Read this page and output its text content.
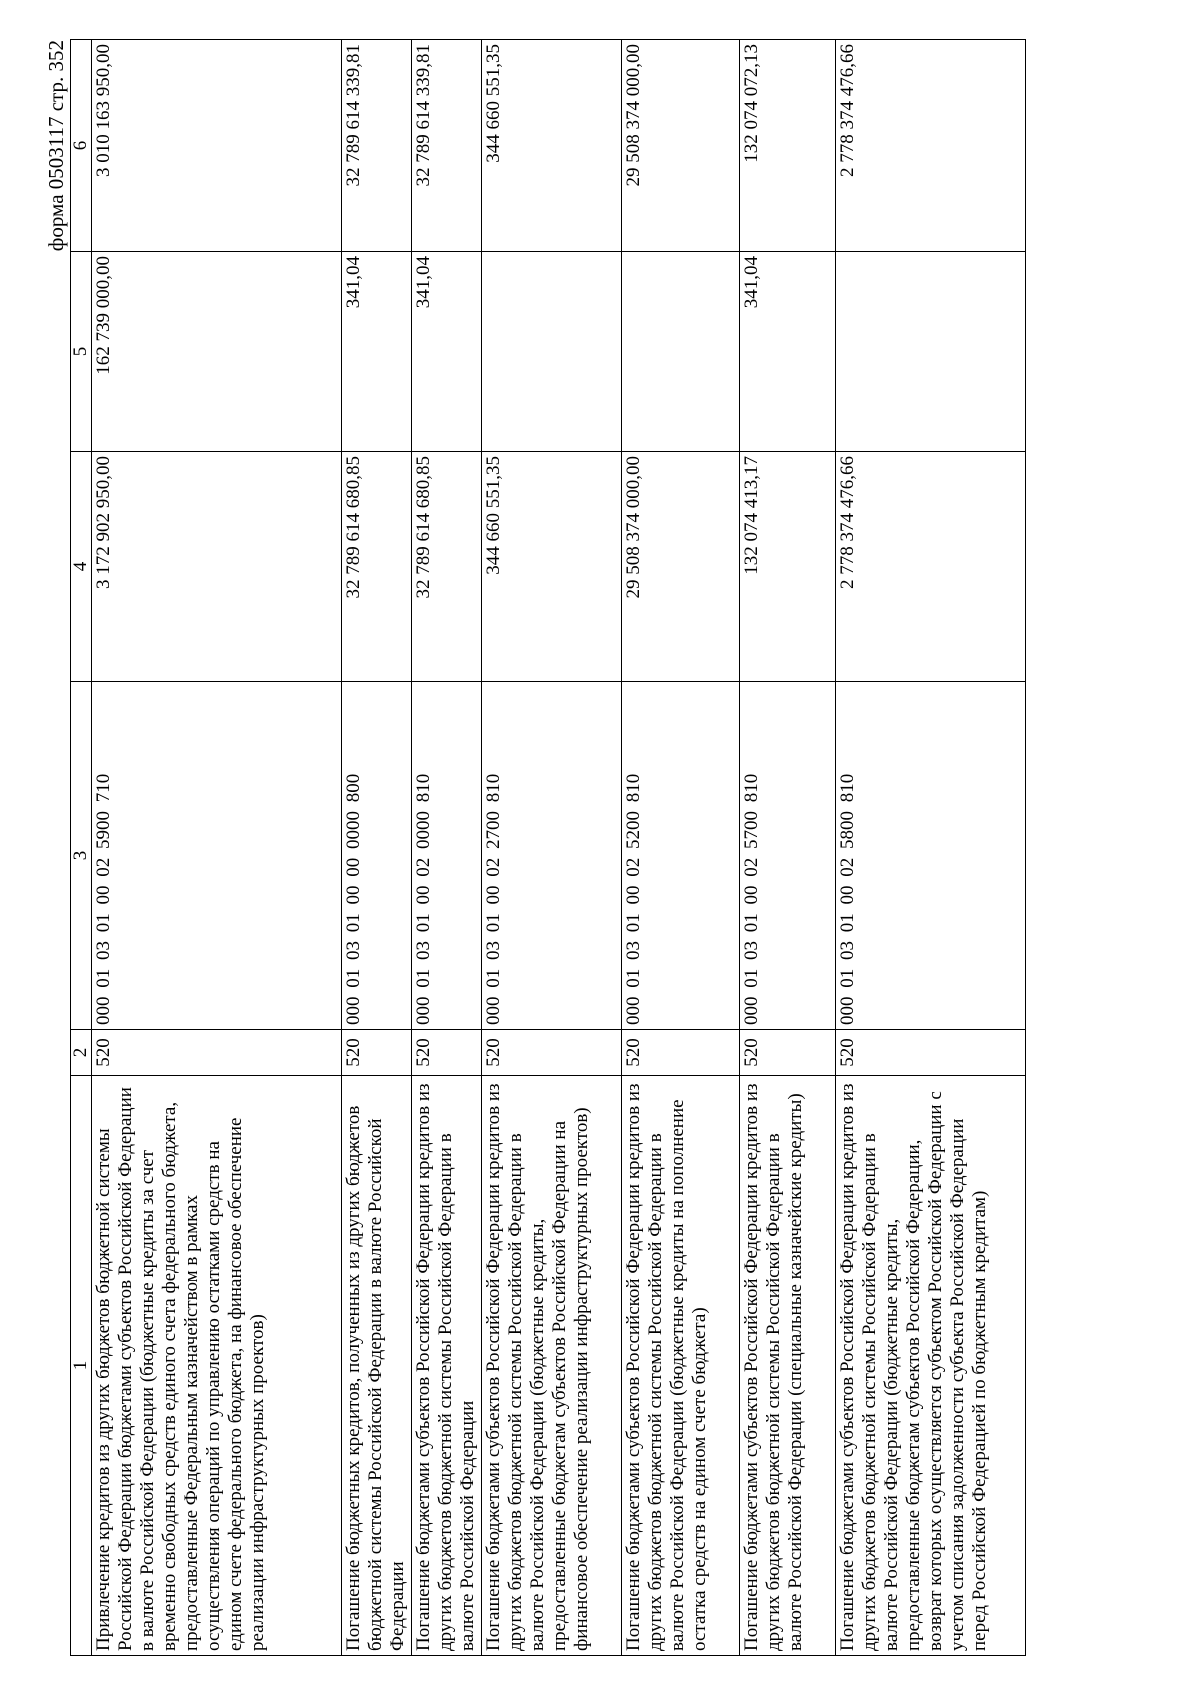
форма 0503117 стр. 352
1	2	3	4	5	6
Привлечение кредитов из других бюджетов бюджетной системы Российской Федерации бюджетами субъектов Российской Федерации в валюте Российской Федерации (бюджетные кредиты за счет временно свободных средств единого счета федерального бюджета, предоставленные Федеральным казначейством в рамках осуществления операций по управлению остатками средств на едином счете федерального бюджета, на финансовое обеспечение реализации инфраструктурных проектов)	520	000 01 03 01 00 02 5900 710	3 172 902 950,00	162 739 000,00	3 010 163 950,00
Погашение бюджетных кредитов, полученных из других бюджетов бюджетной системы Российской Федерации в валюте Российской Федерации	520	000 01 03 01 00 00 0000 800	32 789 614 680,85	341,04	32 789 614 339,81
Погашение бюджетами субъектов Российской Федерации кредитов из других бюджетов бюджетной системы Российской Федерации в валюте Российской Федерации	520	000 01 03 01 00 02 0000 810	32 789 614 680,85	341,04	32 789 614 339,81
Погашение бюджетами субъектов Российской Федерации кредитов из других бюджетов бюджетной системы Российской Федерации в валюте Российской Федерации (бюджетные кредиты, предоставленные бюджетам субъектов Российской Федерации на финансовое обеспечение реализации инфраструктурных проектов)	520	000 01 03 01 00 02 2700 810	344 660 551,35		344 660 551,35
Погашение бюджетами субъектов Российской Федерации кредитов из других бюджетов бюджетной системы Российской Федерации в валюте Российской Федерации (бюджетные кредиты на пополнение остатка средств на едином счете бюджета)	520	000 01 03 01 00 02 5200 810	29 508 374 000,00		29 508 374 000,00
Погашение бюджетами субъектов Российской Федерации кредитов из других бюджетов бюджетной системы Российской Федерации в валюте Российской Федерации (специальные казначейские кредиты)	520	000 01 03 01 00 02 5700 810	132 074 413,17	341,04	132 074 072,13
Погашение бюджетами субъектов Российской Федерации кредитов из других бюджетов бюджетной системы Российской Федерации в валюте Российской Федерации (бюджетные кредиты, предоставленные бюджетам субъектов Российской Федерации, возврат которых осуществляется субъектом Российской Федерации с учетом списания задолженности субъекта Российской Федерации перед Российской Федерацией по бюджетным кредитам)	520	000 01 03 01 00 02 5800 810	2 778 374 476,66		2 778 374 476,66
